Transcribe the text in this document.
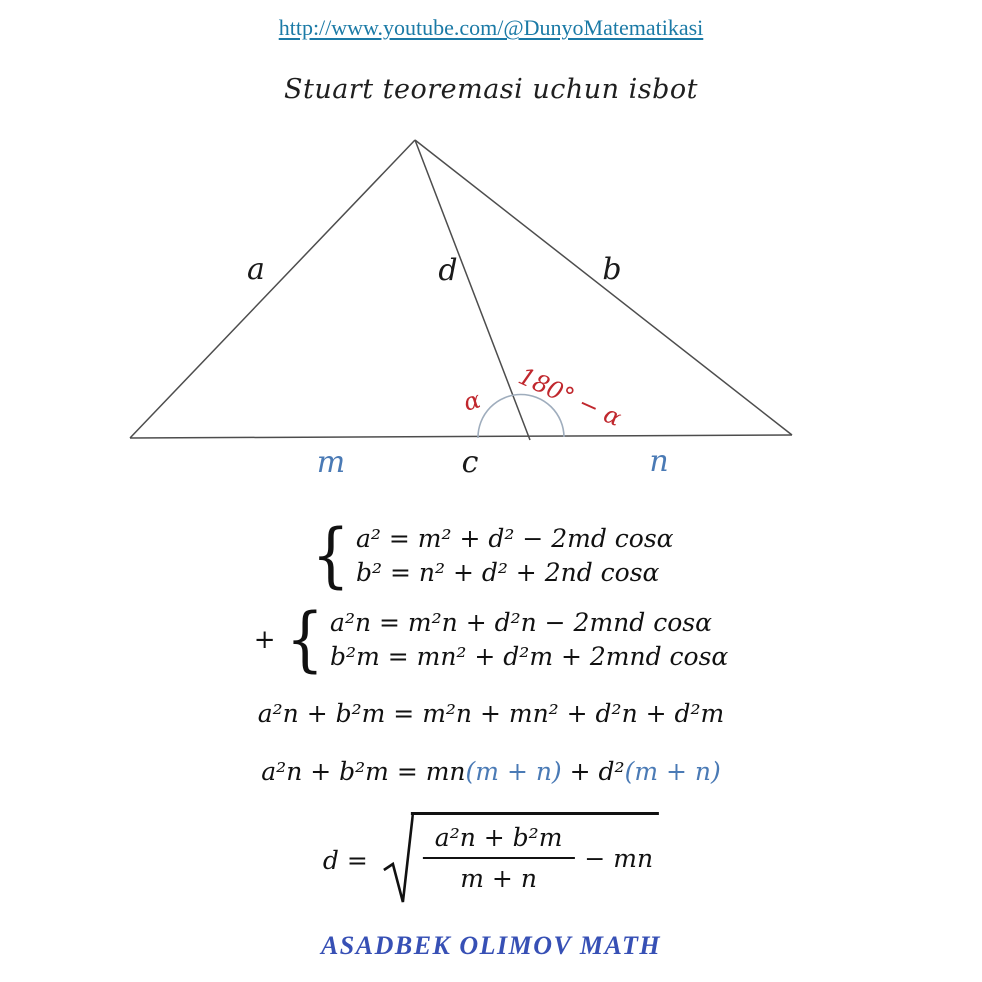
http://www.youtube.com/@DunyoMatematikasi
Stuart teoremasi uchun isbot
a	d	b
m	c	n
α 180° − α
{ a² = m² + d² − 2md cosα
b² = n² + d² + 2nd cosα
+ { a²n = m²n + d²n − 2mnd cosα
b²m = mn² + d²m + 2mnd cosα
a²n + b²m = m²n + mn² + d²n + d²m
a²n + b²m = mn(m + n) + d²(m + n)
$d = \frac{\text{a²n + b²m}}{m + n}$ − mn
ASADBEK OLIMOV MATH
